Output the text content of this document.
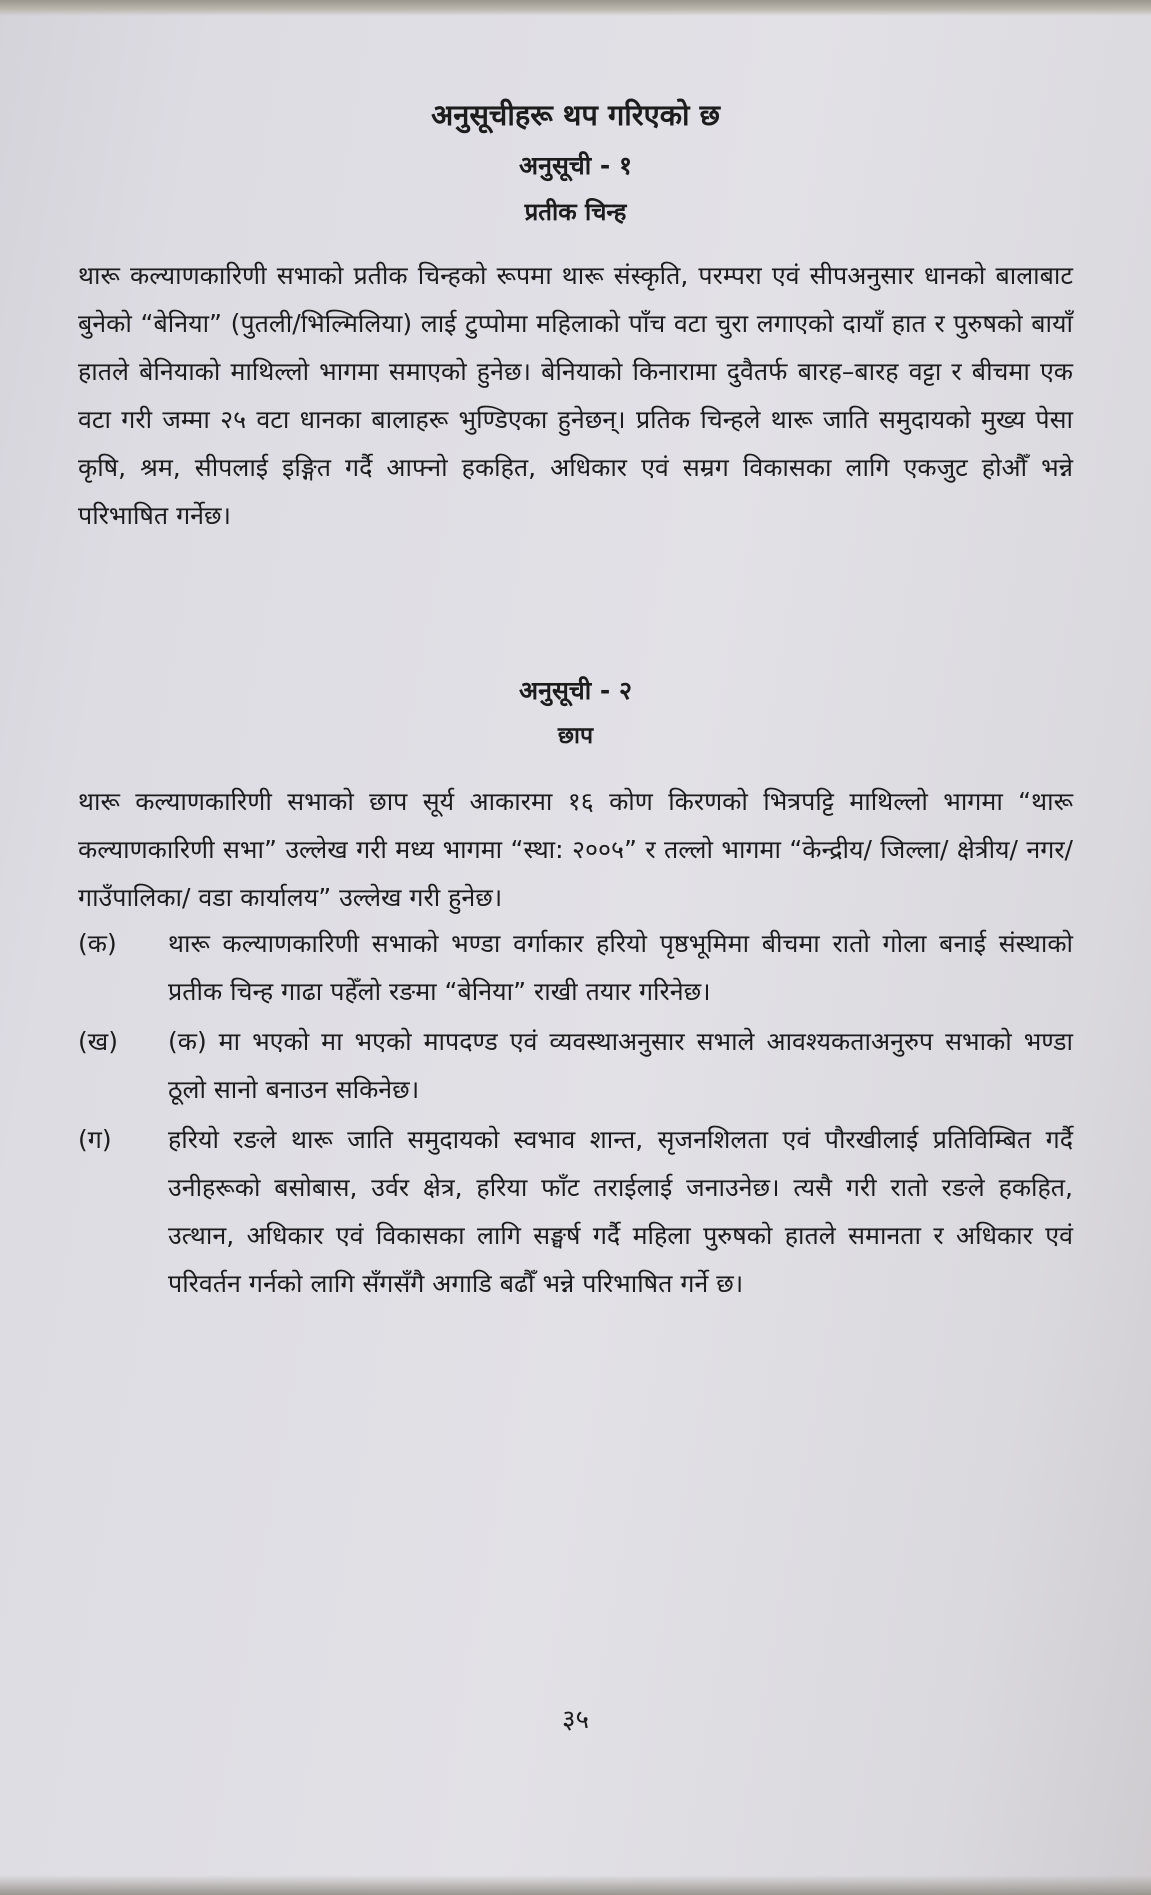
अनुसूचीहरू थप गरिएको छ
अनुसूची - १
प्रतीक चिन्ह

थारू कल्याणकारिणी सभाको प्रतीक चिन्हको रूपमा थारू संस्कृति, परम्परा एवं सीपअनुसार धानको बालाबाट बुनेको “बेनिया” (पुतली/भिल्मिलिया) लाई टुप्पोमा महिलाको पाँच वटा चुरा लगाएको दायाँ हात र पुरुषको बायाँ हातले बेनियाको माथिल्लो भागमा समाएको हुनेछ। बेनियाको किनारामा दुवैतर्फ बारह–बारह वट्टा र बीचमा एक वटा गरी जम्मा २५ वटा धानका बालाहरू भुण्डिएका हुनेछन्। प्रतिक चिन्हले थारू जाति समुदायको मुख्य पेसा कृषि, श्रम, सीपलाई इङ्गित गर्दै आफ्नो हकहित, अधिकार एवं सम्रग विकासका लागि एकजुट होऔँ भन्ने परिभाषित गर्नेछ।

अनुसूची - २
छाप

थारू कल्याणकारिणी सभाको छाप सूर्य आकारमा १६ कोण किरणको भित्रपट्टि माथिल्लो भागमा “थारू कल्याणकारिणी सभा” उल्लेख गरी मध्य भागमा “स्था: २००५” र तल्लो भागमा “केन्द्रीय/ जिल्ला/ क्षेत्रीय/ नगर/ गाउँपालिका/ वडा कार्यालय” उल्लेख गरी हुनेछ।

(क)	थारू कल्याणकारिणी सभाको भण्डा वर्गाकार हरियो पृष्ठभूमिमा बीचमा रातो गोला बनाई संस्थाको प्रतीक चिन्ह गाढा पहेँलो रङमा “बेनिया” राखी तयार गरिनेछ।
(ख)	(क) मा भएको मा भएको मापदण्ड एवं व्यवस्थाअनुसार सभाले आवश्यकताअनुरुप सभाको भण्डा ठूलो सानो बनाउन सकिनेछ।
(ग)	हरियो रङले थारू जाति समुदायको स्वभाव शान्त, सृजनशिलता एवं पौरखीलाई प्रतिविम्बित गर्दै उनीहरूको बसोबास, उर्वर क्षेत्र, हरिया फाँट तराईलाई जनाउनेछ। त्यसै गरी रातो रङले हकहित, उत्थान, अधिकार एवं विकासका लागि सङ्घर्ष गर्दै महिला पुरुषको हातले समानता र अधिकार एवं परिवर्तन गर्नको लागि सँगसँगै अगाडि बढौँ भन्ने परिभाषित गर्ने छ।
३५
